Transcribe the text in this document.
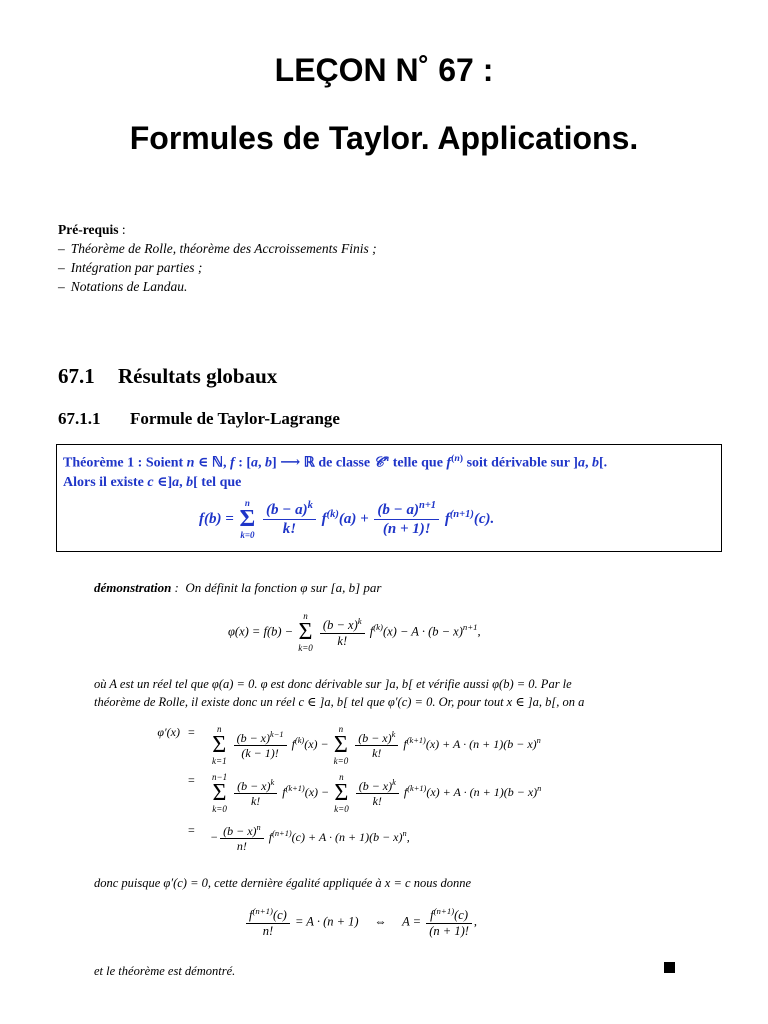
LEÇON N˚ 67 :
Formules de Taylor. Applications.
Pré-requis :
– Théorème de Rolle, théorème des Accroissements Finis ;
– Intégration par parties ;
– Notations de Landau.
67.1 Résultats globaux
67.1.1 Formule de Taylor-Lagrange
Théorème 1 : Soient n ∈ ℕ, f : [a, b] ⟶ ℝ de classe 𝒞$^n$ telle que $f^{(n)}$ soit dérivable sur ]a, b[.
Alors il existe c ∈]a, b[ tel que
f(b) =
n
Σ
k=0
$\frac{(b - a)^k}{k!} f^{(k)}(a) + \frac{(b - a)^{n+1}}{(n + 1)!} f^{(n+1)}(c)$.
démonstration :  On définit la fonction φ sur [a, b] par
φ(x) = f(b) −
n
Σ
k=0
$\frac{(b - x)^k}{k!} f^{(k)}(x) - A \cdot (b - x)^{n+1}$,
où A est un réel tel que φ(a) = 0. φ est donc dérivable sur ]a, b[ et vérifie aussi φ(b) = 0. Par le
théorème de Rolle, il existe donc un réel c ∈ ]a, b[ tel que φ′(c) = 0. Or, pour tout x ∈ ]a, b[, on a
φ′(x) =	n
Σ
k=1
$\frac{(b - x)^{k-1}}{(k - 1)!} f^{(k)}(x)$ −
n
Σ
k=0
$\frac{(b - x)^k}{k!} f^{(k+1)}(x) + A \cdot (n + 1)(b - x)^n$
= n−1
Σ
k=0
$\frac{(b - x)^k}{k!} f^{(k+1)}(x)$ −
n
Σ
k=0
$\frac{(b - x)^k}{k!} f^{(k+1)}(x) + A \cdot (n + 1)(b - x)^n$
=
− $\frac{(b - x)^n}{n!} f^{(n+1)}(c) + A \cdot (n + 1)(b - x)^n$,
donc puisque φ′(c) = 0, cette dernière égalité appliquée à x = c nous donne
$\frac{f^{(n+1)}(c)}{n!} = A \cdot (n + 1)$     ⇔     $A = \frac{f^{(n+1)}(c)}{(n + 1)!}$ ,
et le théorème est démontré.
